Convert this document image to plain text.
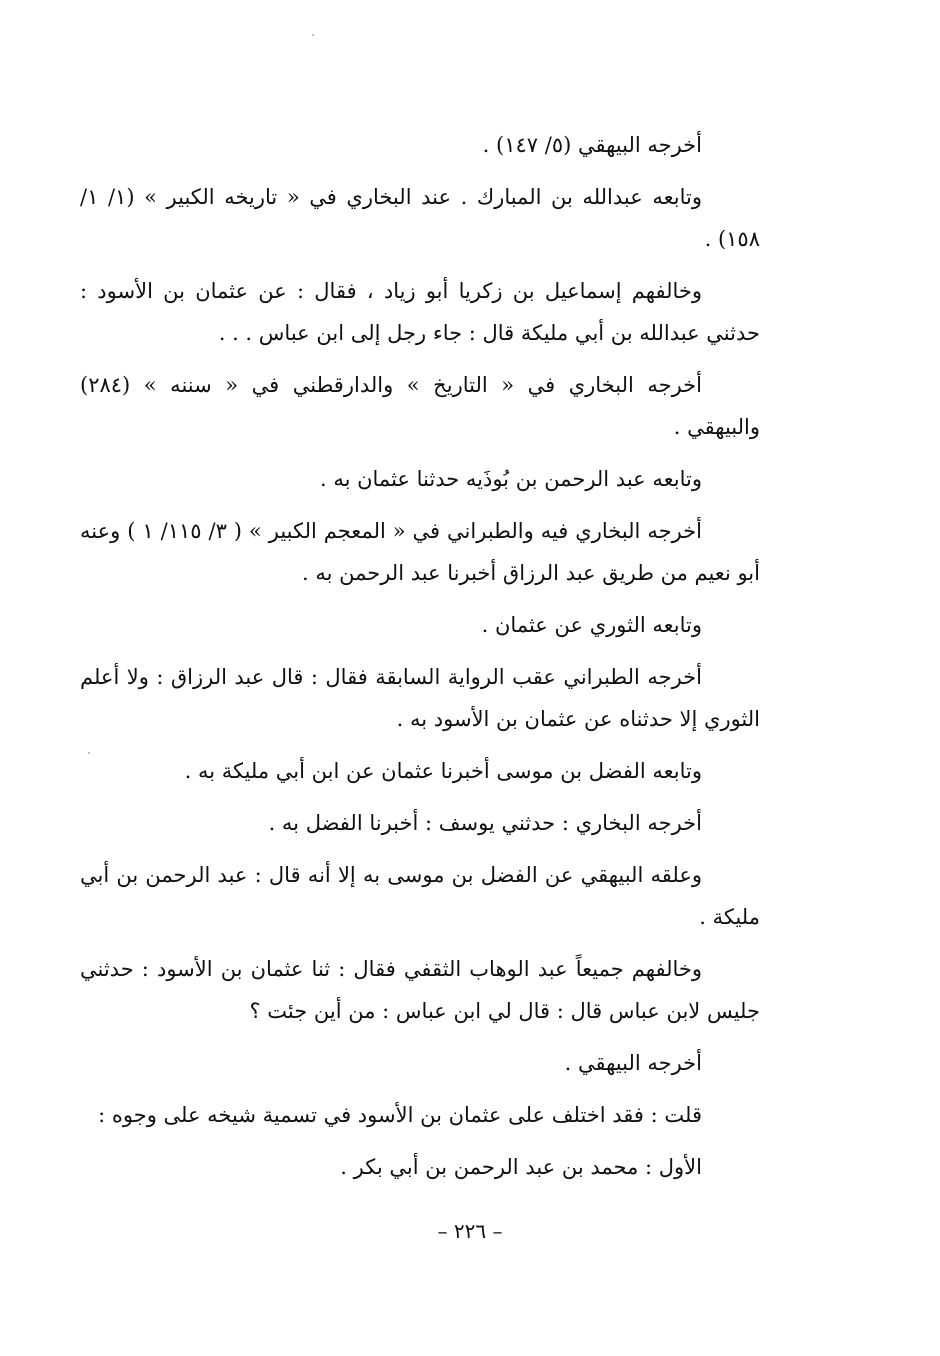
أخرجه البيهقي (٥/ ١٤٧) .

وتابعه عبدالله بن المبارك . عند البخاري في « تاريخه الكبير » (١/ ١/ ١٥٨) .

وخالفهم إسماعيل بن زكريا أبو زياد ، فقال : عن عثمان بن الأسود : حدثني عبدالله بن أبي مليكة قال : جاء رجل إلى ابن عباس . . .

أخرجه البخاري في « التاريخ » والدارقطني في « سننه » (٢٨٤) والبيهقي .

وتابعه عبد الرحمن بن بُوذَيه حدثنا عثمان به .

أخرجه البخاري فيه والطبراني في « المعجم الكبير » ( ٣/ ١١٥/ ١ ) وعنه أبو نعيم من طريق عبد الرزاق أخبرنا عبد الرحمن به .

وتابعه الثوري عن عثمان .

أخرجه الطبراني عقب الرواية السابقة فقال : قال عبد الرزاق : ولا أعلم الثوري إلا حدثناه عن عثمان بن الأسود به .

وتابعه الفضل بن موسى أخبرنا عثمان عن ابن أبي مليكة به .

أخرجه البخاري : حدثني يوسف : أخبرنا الفضل به .

وعلقه البيهقي عن الفضل بن موسى به إلا أنه قال : عبد الرحمن بن أبي مليكة .

وخالفهم جميعاً عبد الوهاب الثقفي فقال : ثنا عثمان بن الأسود : حدثني جليس لابن عباس قال : قال لي ابن عباس : من أين جئت ؟

أخرجه البيهقي .

قلت : فقد اختلف على عثمان بن الأسود في تسمية شيخه على وجوه :

الأول : محمد بن عبد الرحمن بن أبي بكر .

– ٢٢٦ –
